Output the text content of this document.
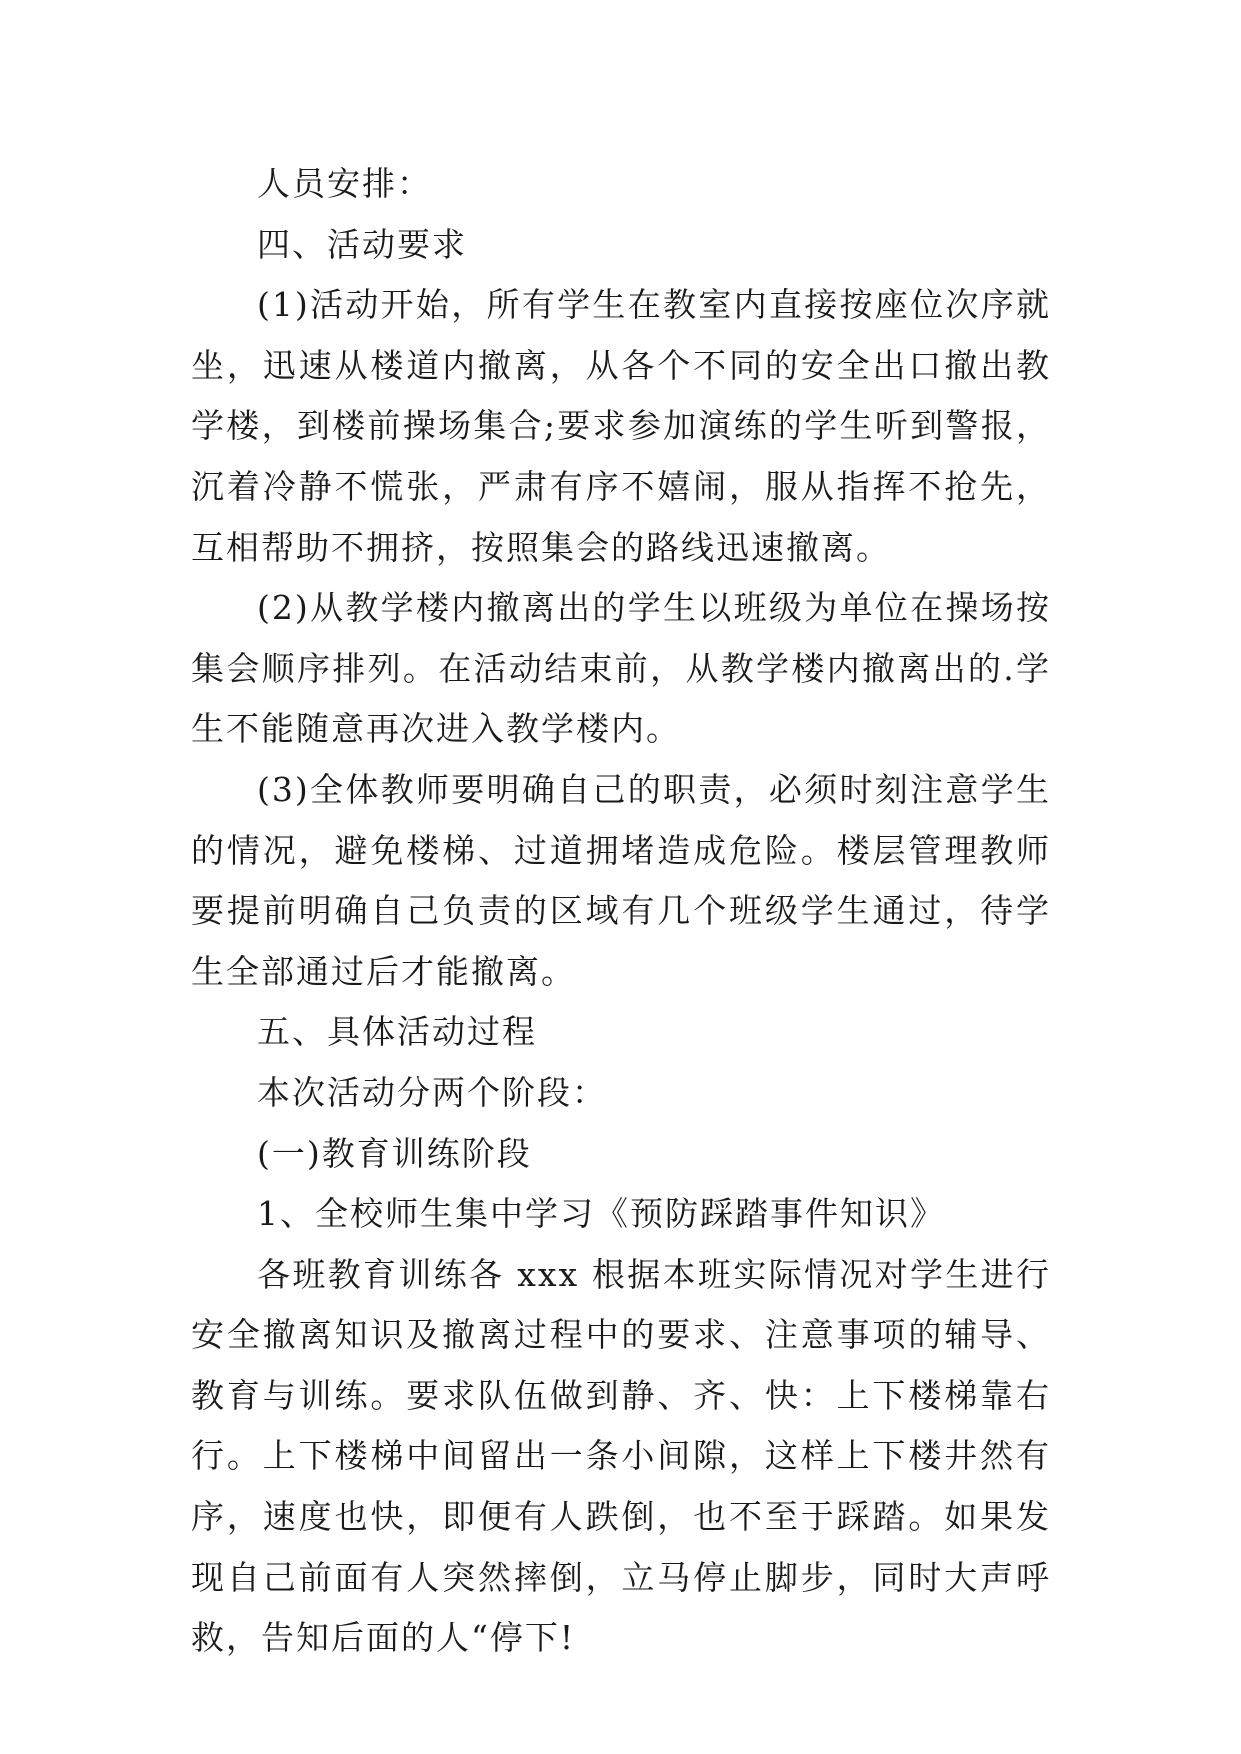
人员安排：

四、活动要求

(1)活动开始，所有学生在教室内直接按座位次序就坐，迅速从楼道内撤离，从各个不同的安全出口撤出教学楼，到楼前操场集合;要求参加演练的学生听到警报，沉着冷静不慌张，严肃有序不嬉闹，服从指挥不抢先，互相帮助不拥挤，按照集会的路线迅速撤离。

(2)从教学楼内撤离出的学生以班级为单位在操场按集会顺序排列。在活动结束前，从教学楼内撤离出的.学生不能随意再次进入教学楼内。

(3)全体教师要明确自己的职责，必须时刻注意学生的情况，避免楼梯、过道拥堵造成危险。楼层管理教师要提前明确自己负责的区域有几个班级学生通过，待学生全部通过后才能撤离。

五、具体活动过程

本次活动分两个阶段：

(一)教育训练阶段

1、全校师生集中学习《预防踩踏事件知识》

各班教育训练各 xxx 根据本班实际情况对学生进行安全撤离知识及撤离过程中的要求、注意事项的辅导、教育与训练。要求队伍做到静、齐、快：上下楼梯靠右行。上下楼梯中间留出一条小间隙，这样上下楼井然有序，速度也快，即便有人跌倒，也不至于踩踏。如果发现自己前面有人突然摔倒，立马停止脚步，同时大声呼救，告知后面的人“停下!
